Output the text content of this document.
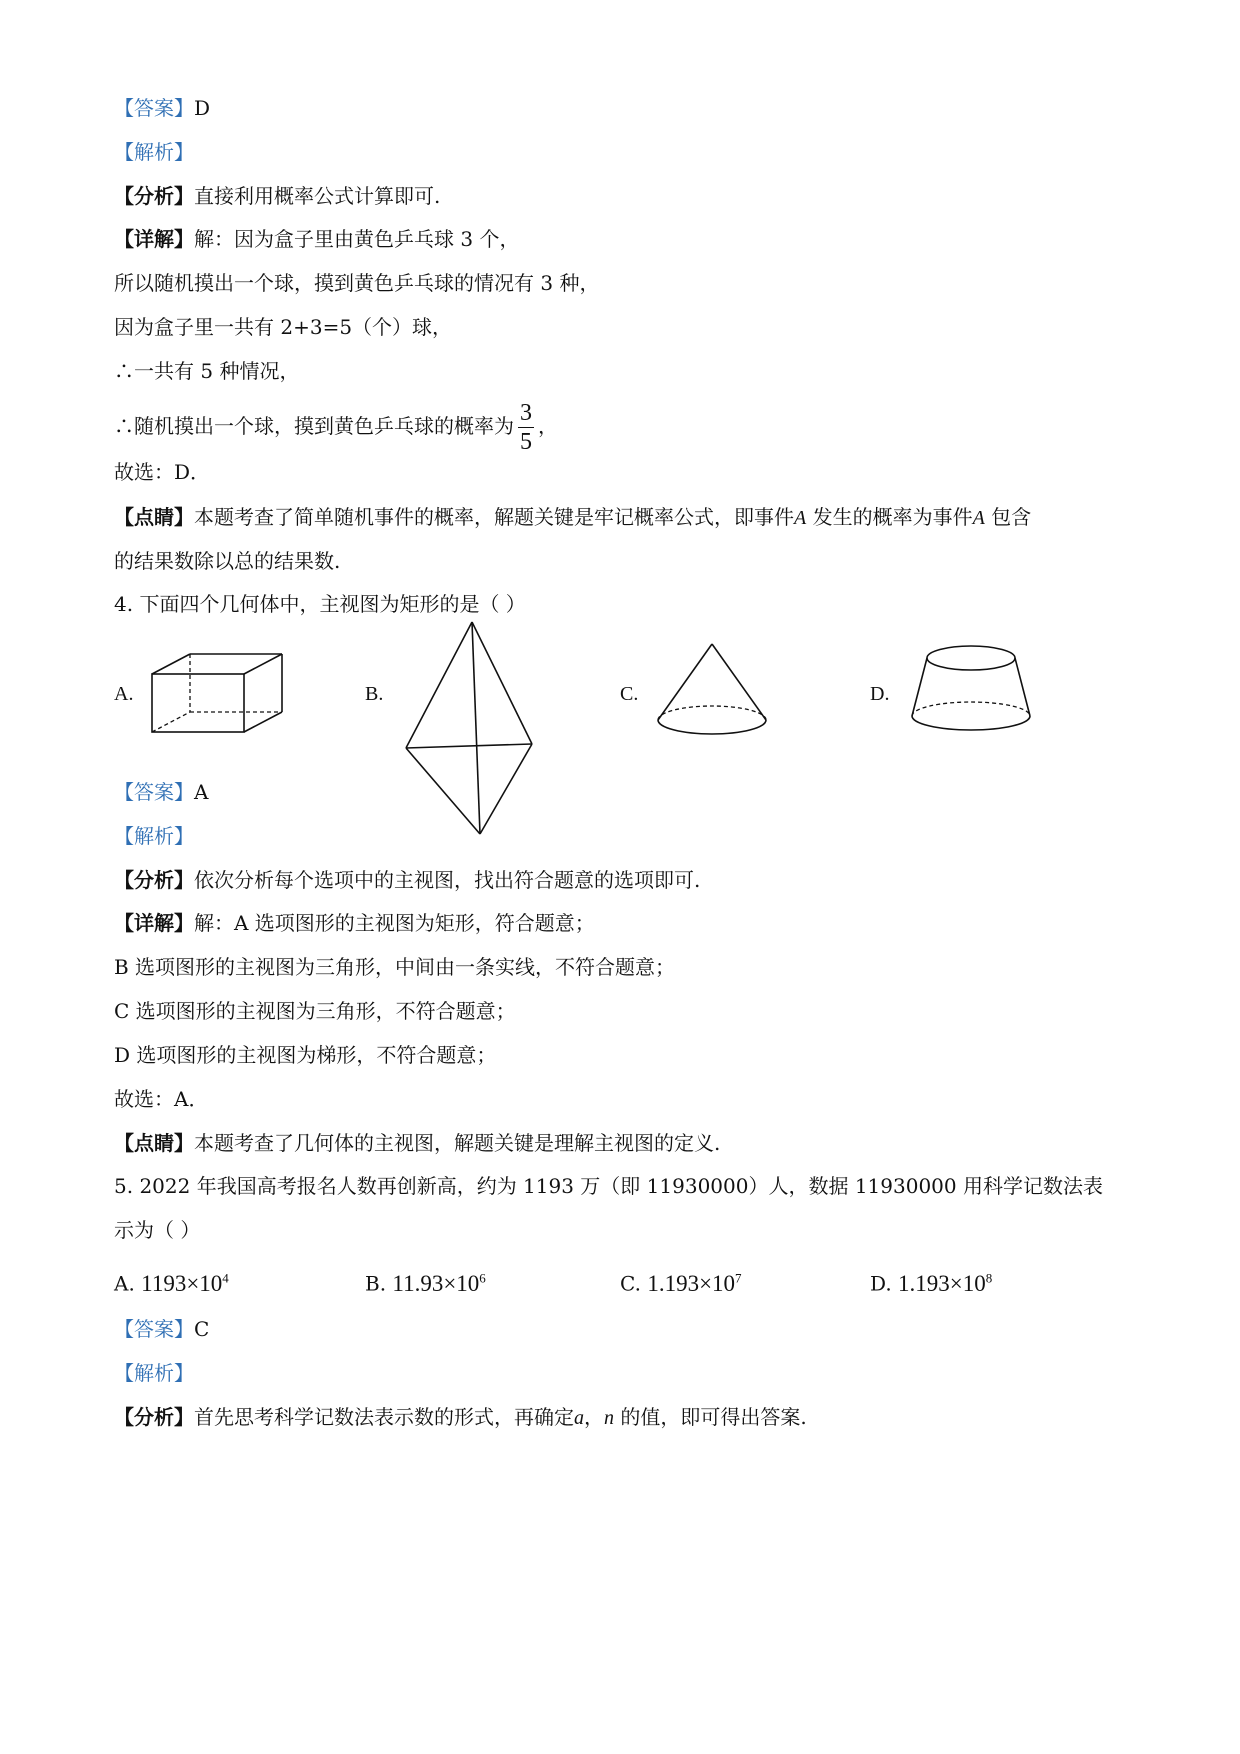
【答案】D
【解析】
【分析】直接利用概率公式计算即可.
【详解】解：因为盒子里由黄色乒乓球 3 个，
所以随机摸出一个球，摸到黄色乒乓球的情况有 3 种，
因为盒子里一共有 2+3=5（个）球，
∴一共有 5 种情况，
∴随机摸出一个球，摸到黄色乒乓球的概率为 $\frac{3}{5}$ ，
故选：D．
【点睛】本题考查了简单随机事件的概率，解题关键是牢记概率公式，即事件A 发生的概率为事件A 包含
的结果数除以总的结果数.
4. 下面四个几何体中，主视图为矩形的是（ ）
A.	B.	C.	D.
【答案】A
【解析】
【分析】依次分析每个选项中的主视图，找出符合题意的选项即可.
【详解】解：A 选项图形的主视图为矩形，符合题意；
B 选项图形的主视图为三角形，中间由一条实线，不符合题意；
C 选项图形的主视图为三角形，不符合题意；
D 选项图形的主视图为梯形，不符合题意；
故选：A．
【点睛】本题考查了几何体的主视图，解题关键是理解主视图的定义.
5. 2022 年我国高考报名人数再创新高，约为 1193 万（即 11930000）人，数据 11930000 用科学记数法表
示为（ ）
A. $1193\times 10^4$	B. $11.93\times 10^6$	C. $1.193\times 10^7$	D. $1.193\times 10^8$
【答案】C
【解析】
【分析】首先思考科学记数法表示数的形式，再确定a，n 的值，即可得出答案.
